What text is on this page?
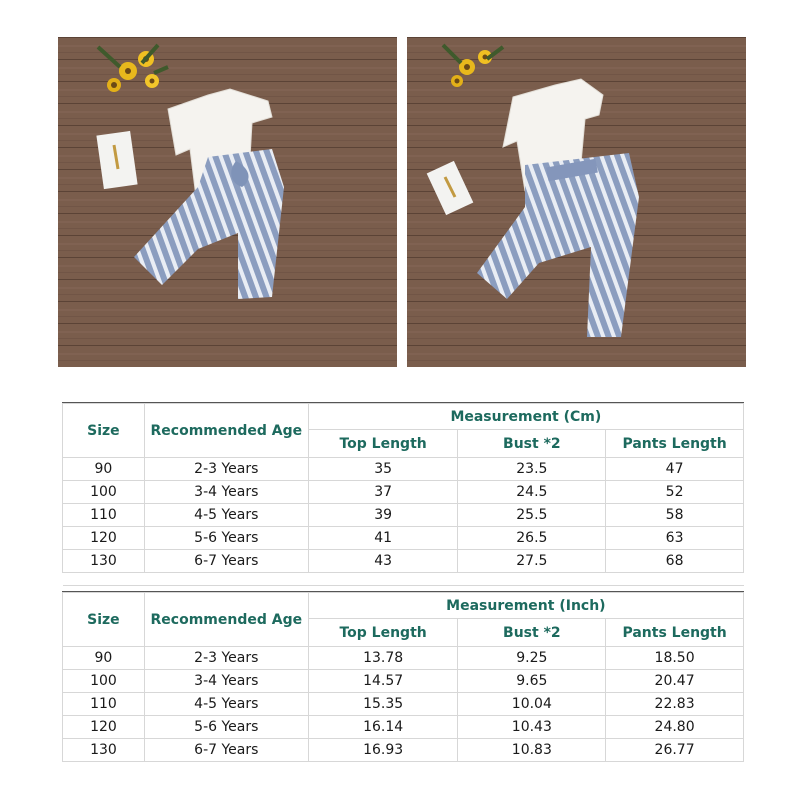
Size	Recommended Age	Measurement (Cm)		
		Top Length	Bust *2	Pants Length
90	2-3 Years	35	23.5	47
100	3-4 Years	37	24.5	52
110	4-5 Years	39	25.5	58
120	5-6 Years	41	26.5	63
130	6-7 Years	43	27.5	68

Size	Recommended Age	Measurement (Inch)		
		Top Length	Bust *2	Pants Length
90	2-3 Years	13.78	9.25	18.50
100	3-4 Years	14.57	9.65	20.47
110	4-5 Years	15.35	10.04	22.83
120	5-6 Years	16.14	10.43	24.80
130	6-7 Years	16.93	10.83	26.77
